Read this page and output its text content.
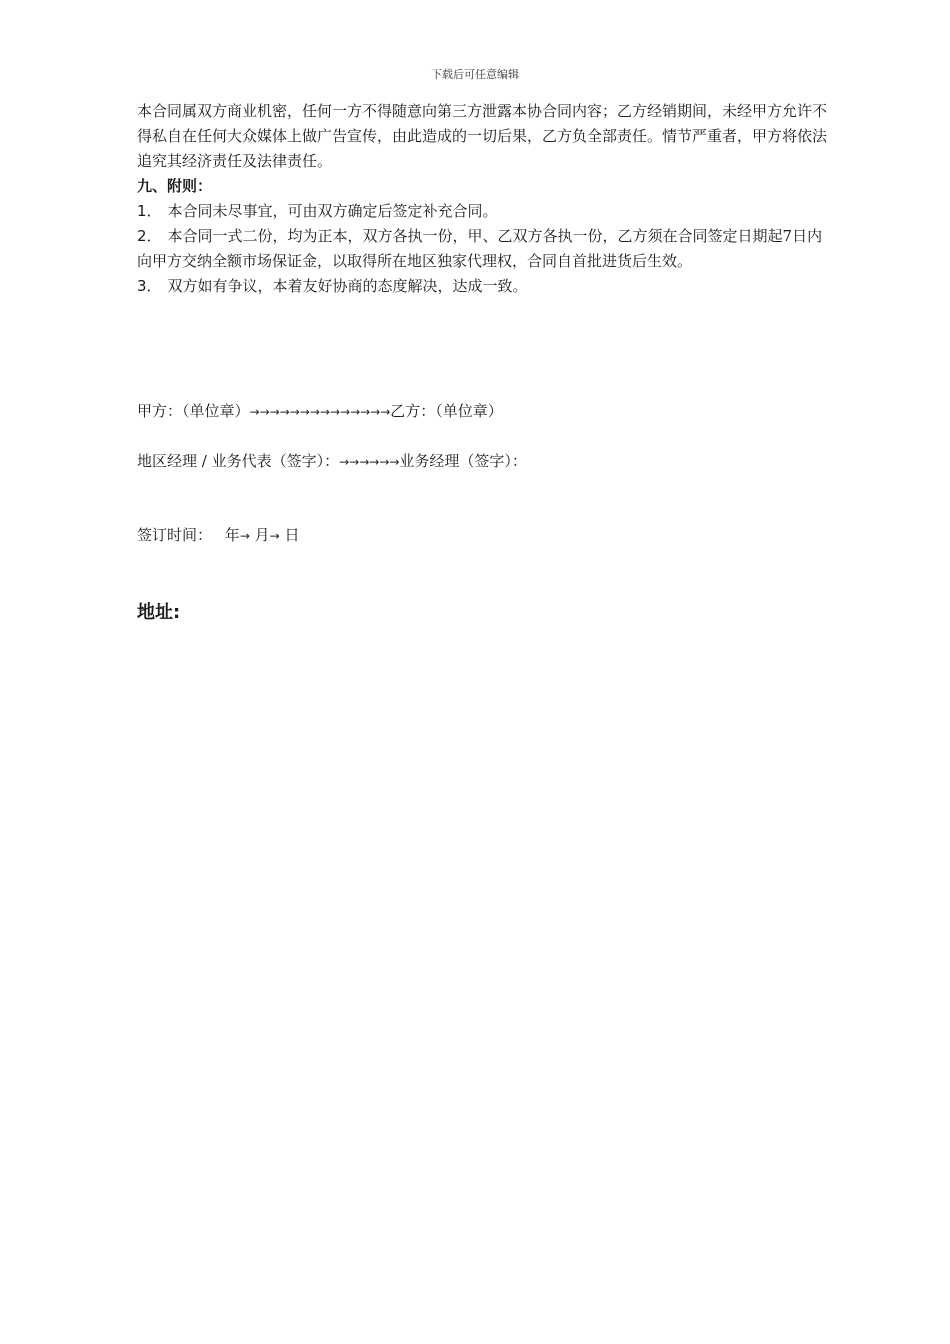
下载后可任意编辑

本合同属双方商业机密，任何一方不得随意向第三方泄露本协合同内容；乙方经销期间，未经甲方允许不得私自在任何大众媒体上做广告宣传，由此造成的一切后果，乙方负全部责任。情节严重者，甲方将依法追究其经济责任及法律责任。

九、附则：

1． 本合同未尽事宜，可由双方确定后签定补充合同。

2． 本合同一式二份，均为正本，双方各执一份，甲、乙双方各执一份，乙方须在合同签定日期起7日内向甲方交纳全额市场保证金，以取得所在地区独家代理权，合同自首批进货后生效。

3． 双方如有争议，本着友好协商的态度解决，达成一致。

甲方：（单位章）→→→→→→→→→→→→→→乙方：（单位章）
地区经理 / 业务代表（签字）：→→→→→→业务经理（签字）：
签订时间： 年→ 月→ 日
地址:
